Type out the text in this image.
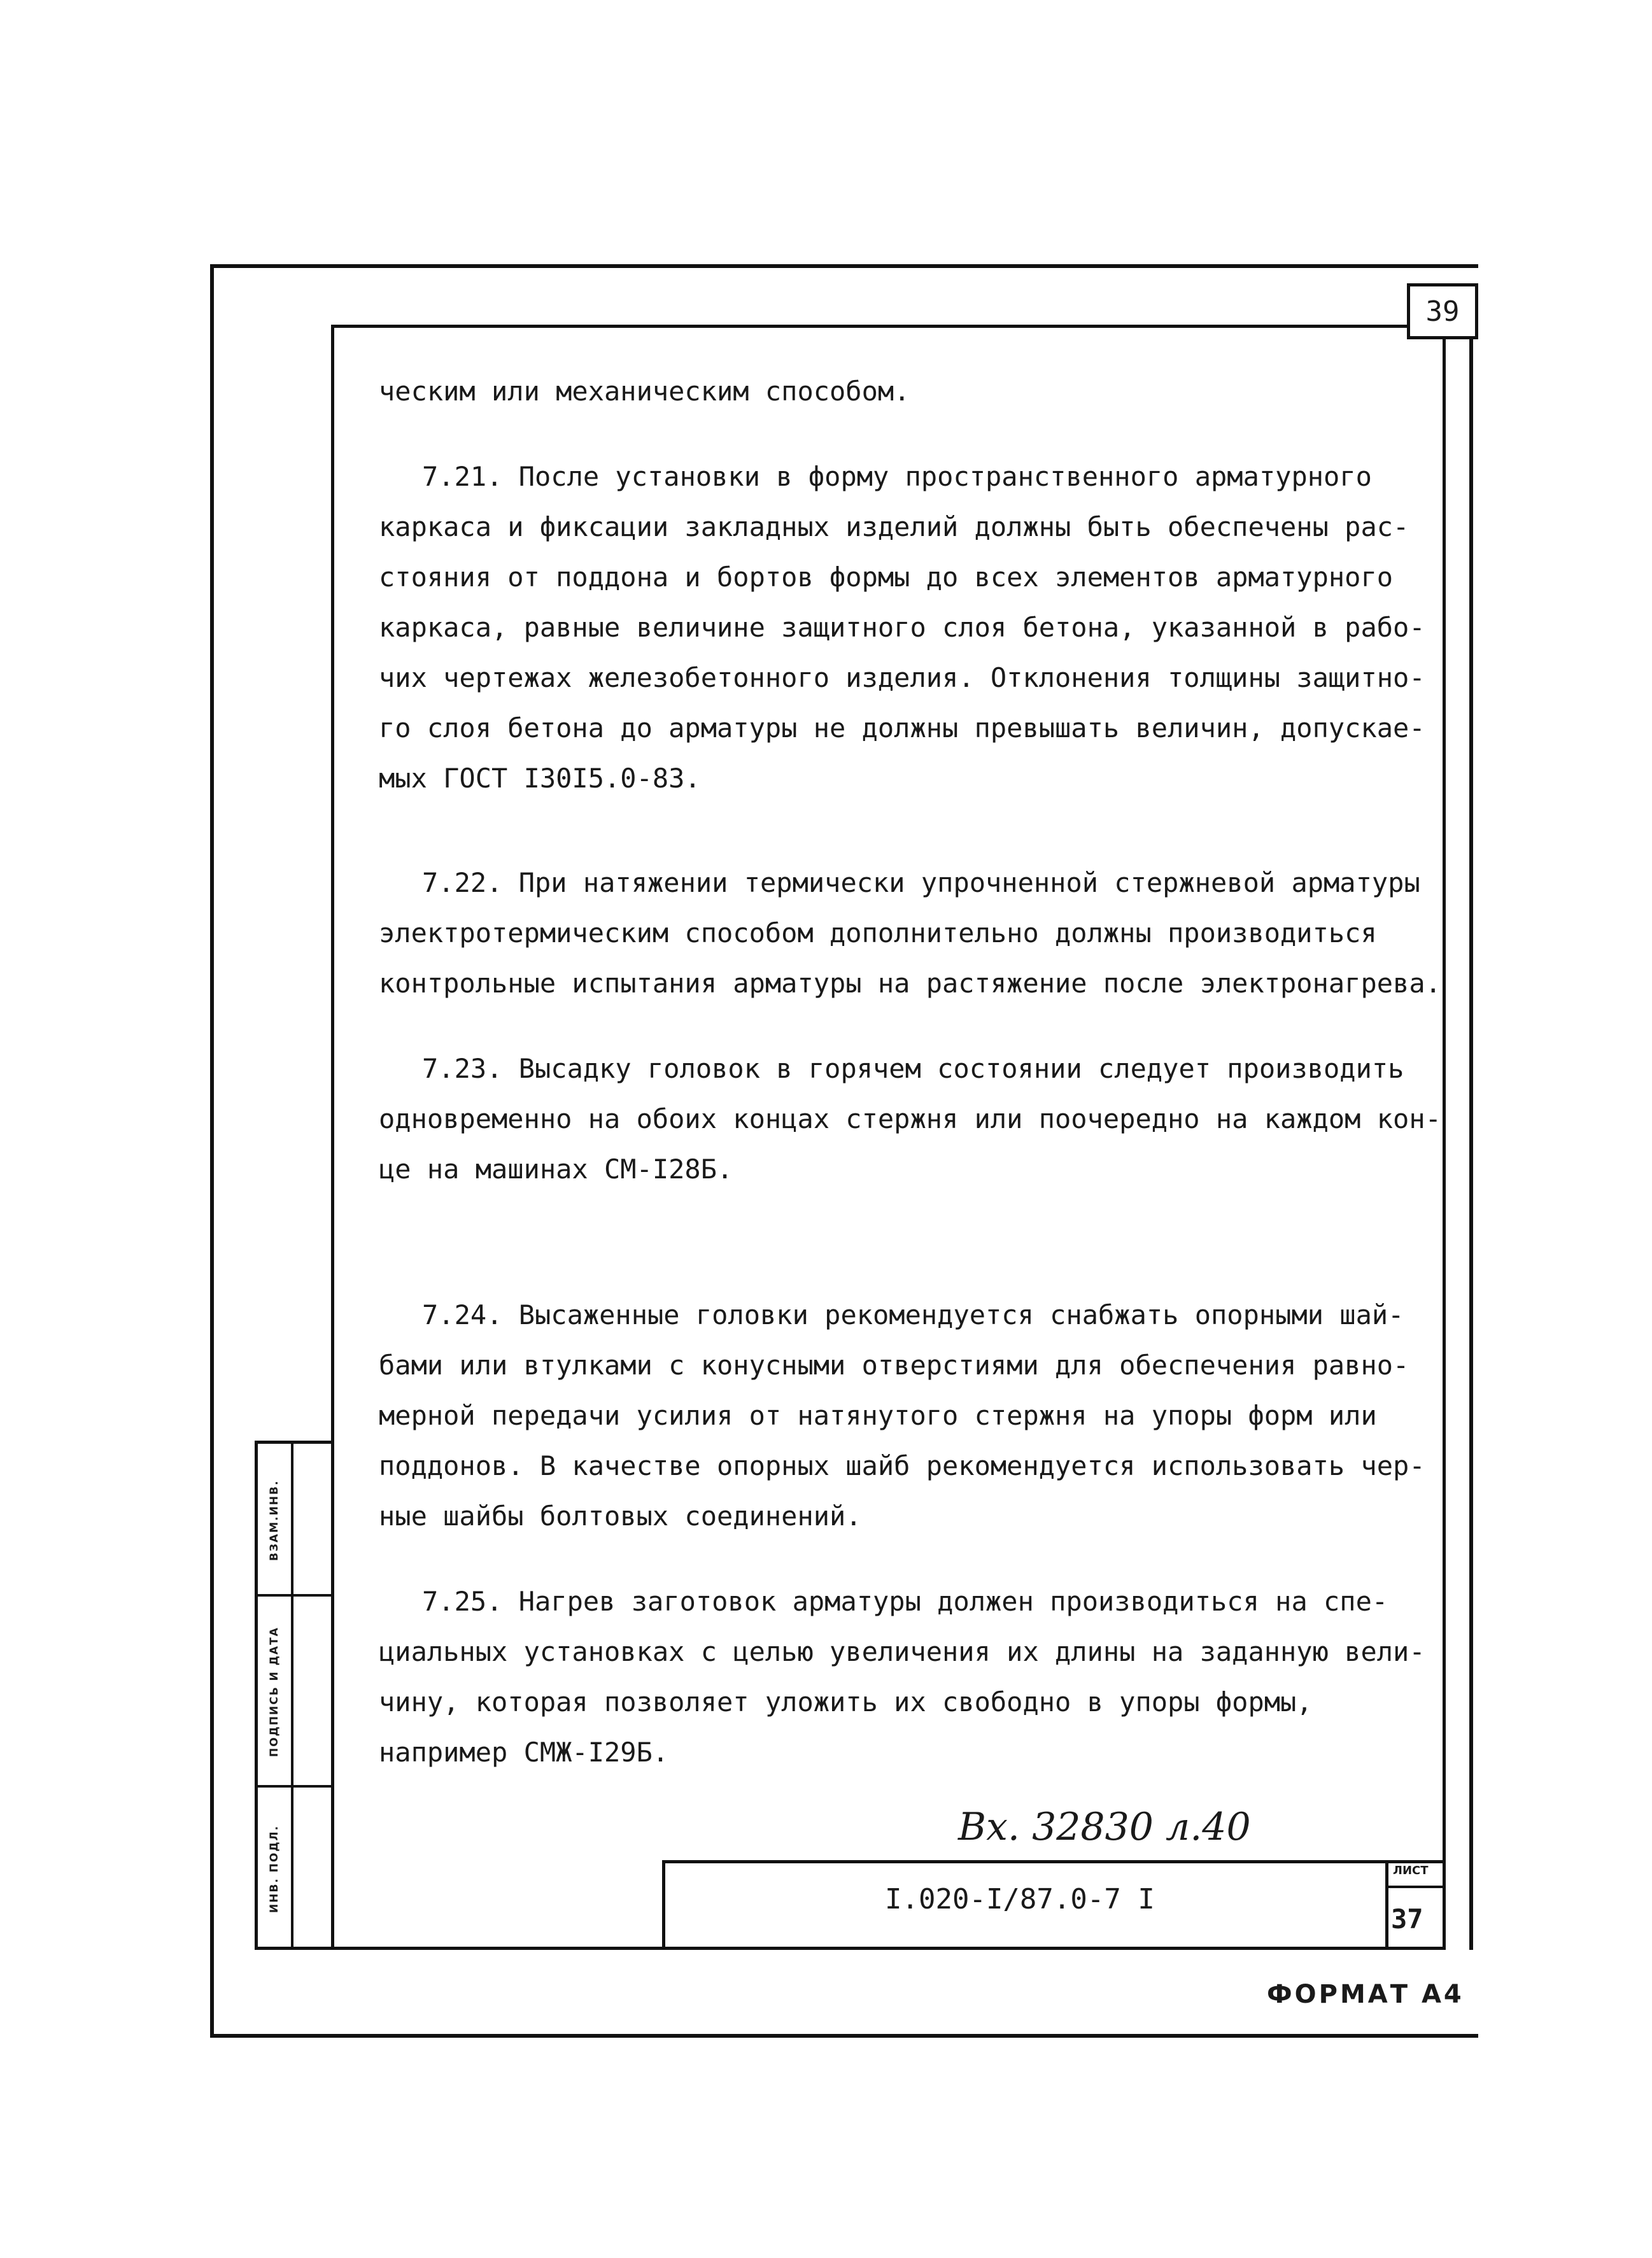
39

ческим или механическим способом.

7.21. После установки в форму пространственного арматурного

каркаса и фиксации закладных изделий должны быть обеспечены рас-

стояния от поддона и бортов формы до всех элементов арматурного

каркаса, равные величине защитного слоя бетона, указанной в рабо-

чих чертежах железобетонного изделия. Отклонения толщины защитно-

го слоя бетона до арматуры не должны превышать величин, допускае-

мых ГОСТ I30I5.0-83.

7.22. При натяжении термически упрочненной стержневой арматуры

электротермическим способом дополнительно должны производиться

контрольные испытания арматуры на растяжение после электронагрева.

7.23. Высадку головок в горячем состоянии следует производить

одновременно на обоих концах стержня или поочередно на каждом кон-

це на машинах СМ-I28Б.

7.24. Высаженные головки рекомендуется снабжать опорными шай-

бами или втулками с конусными отверстиями для обеспечения равно-

мерной передачи усилия от натянутого стержня на упоры форм или

поддонов. В качестве опорных шайб рекомендуется использовать чер-

ные шайбы болтовых соединений.

7.25. Нагрев заготовок арматуры должен производиться на спе-

циальных установках с целью увеличения их длины на заданную вели-

чину, которая позволяет уложить их свободно в упоры формы,

например СМЖ-I29Б.

ВЗАМ.ИНВ.
ПОДПИСЬ И ДАТА
ИНВ. ПОДЛ.	Вх. 32830 л.40
I.020-I/87.0-7 I
ЛИСТ
37
ФОРМАТ А4
